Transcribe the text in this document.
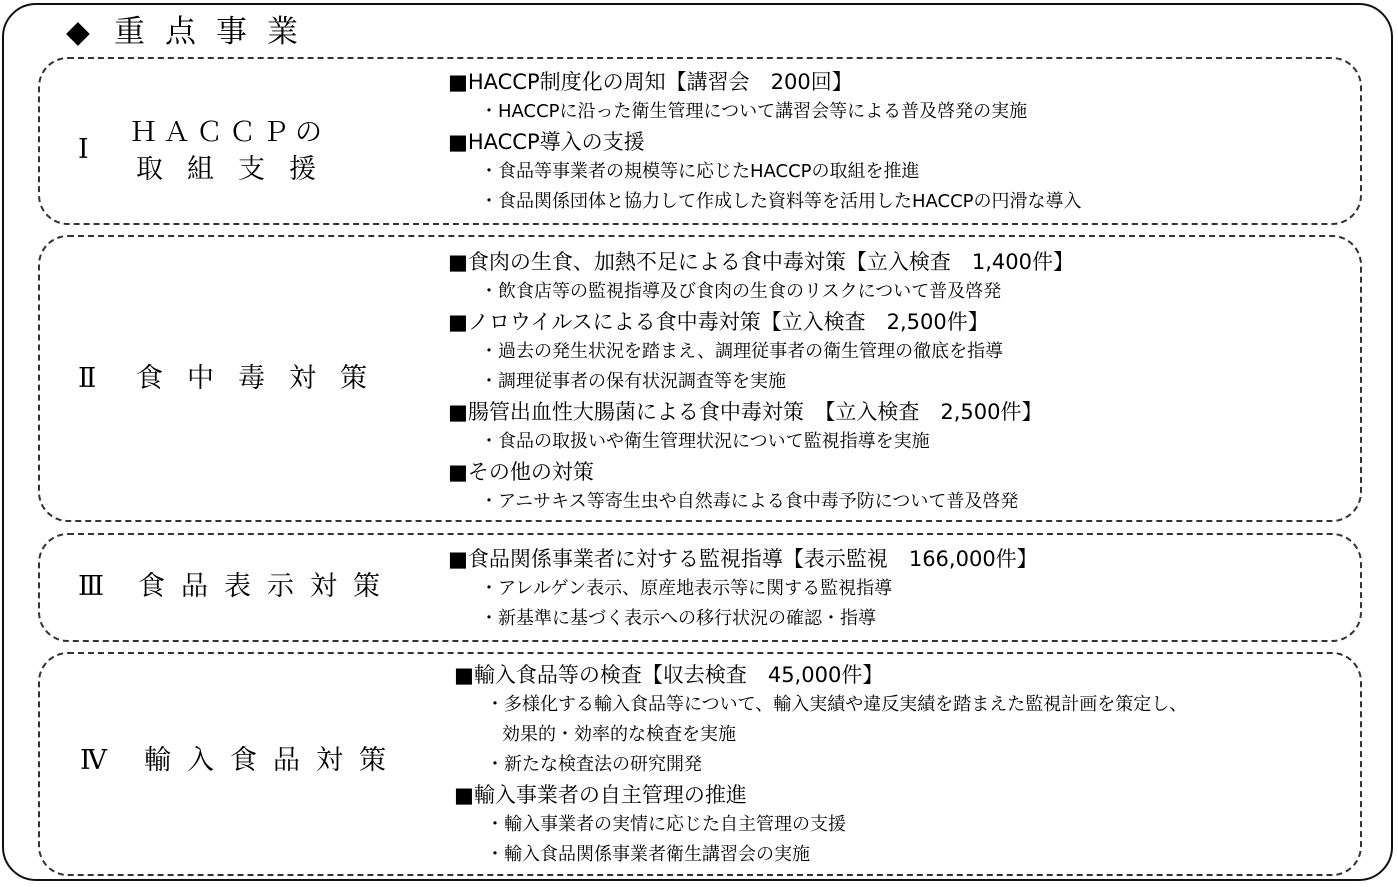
◆ 重点事業
Ⅰ
ＨＡＣＣＰの
取組支援
■HACCP制度化の周知【講習会　200回】
・HACCPに沿った衛生管理について講習会等による普及啓発の実施
■HACCP導入の支援
・食品等事業者の規模等に応じたHACCPの取組を推進
・食品関係団体と協力して作成した資料等を活用したHACCPの円滑な導入
Ⅱ 食中毒対策
■食肉の生食、加熱不足による食中毒対策【立入検査　1,400件】
・飲食店等の監視指導及び食肉の生食のリスクについて普及啓発
■ノロウイルスによる食中毒対策【立入検査　2,500件】
・過去の発生状況を踏まえ、調理従事者の衛生管理の徹底を指導
・調理従事者の保有状況調査等を実施
■腸管出血性大腸菌による食中毒対策　【立入検査　2,500件】
・食品の取扱いや衛生管理状況について監視指導を実施
■その他の対策
・アニサキス等寄生虫や自然毒による食中毒予防について普及啓発
Ⅲ 食品表示対策
■食品関係事業者に対する監視指導【表示監視　166,000件】
・アレルゲン表示、原産地表示等に関する監視指導
・新基準に基づく表示への移行状況の確認・指導
Ⅳ 輸入食品対策
■輸入食品等の検査【収去検査　45,000件】
・多様化する輸入食品等について、輸入実績や違反実績を踏まえた監視計画を策定し、
効果的・効率的な検査を実施
・新たな検査法の研究開発
■輸入事業者の自主管理の推進
・輸入事業者の実情に応じた自主管理の支援
・輸入食品関係事業者衛生講習会の実施
